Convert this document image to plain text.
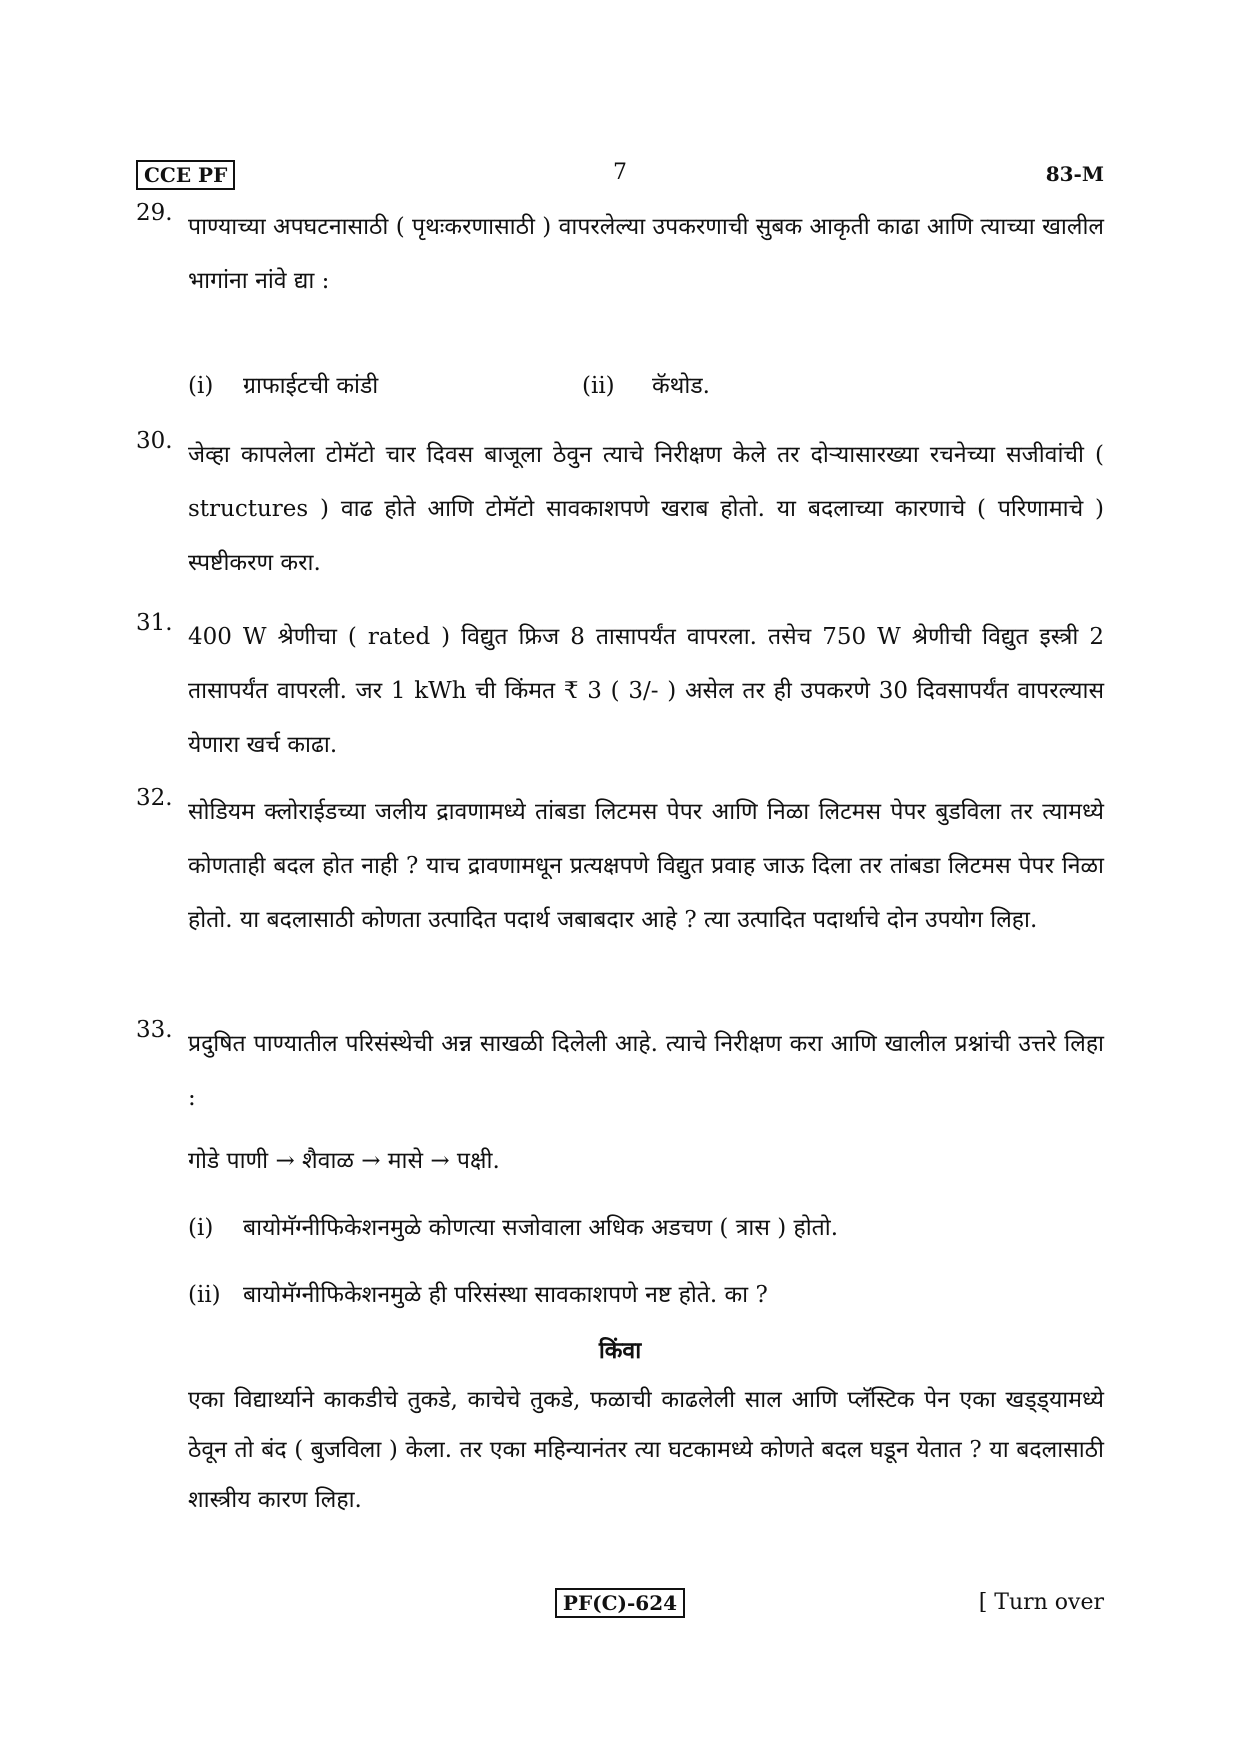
CCE PF	7	83-M
29.
पाण्याच्या अपघटनासाठी ( पृथःकरणासाठी ) वापरलेल्या उपकरणाची सुबक आकृती काढा आणि त्याच्या खालील भागांना नांवे द्या :
(i) ग्राफाईटची कांडी	(ii) कॅथोड.
30.
जेव्हा कापलेला टोमॅटो चार दिवस बाजूला ठेवुन त्याचे निरीक्षण केले तर दोऱ्यासारख्या रचनेच्या सजीवांची ( structures ) वाढ होते आणि टोमॅटो सावकाशपणे खराब होतो. या बदलाच्या कारणाचे ( परिणामाचे ) स्पष्टीकरण करा.
31.
400 W श्रेणीचा ( rated ) विद्युत फ्रिज 8 तासापर्यंत वापरला. तसेच 750 W श्रेणीची विद्युत इस्त्री 2 तासापर्यंत वापरली. जर 1 kWh ची किंमत ₹ 3 ( 3/- ) असेल तर ही उपकरणे 30 दिवसापर्यंत वापरल्यास येणारा खर्च काढा.
32.
सोडियम क्लोराईडच्या जलीय द्रावणामध्ये तांबडा लिटमस पेपर आणि निळा लिटमस पेपर बुडविला तर त्यामध्ये कोणताही बदल होत नाही ? याच द्रावणामधून प्रत्यक्षपणे विद्युत प्रवाह जाऊ दिला तर तांबडा लिटमस पेपर निळा होतो. या बदलासाठी कोणता उत्पादित पदार्थ जबाबदार आहे ? त्या उत्पादित पदार्थाचे दोन उपयोग लिहा.
33.
प्रदुषित पाण्यातील परिसंस्थेची अन्न साखळी दिलेली आहे. त्याचे निरीक्षण करा आणि खालील प्रश्नांची उत्तरे लिहा :
गोडे पाणी → शैवाळ → मासे → पक्षी.
(i) बायोमॅग्नीफिकेशनमुळे कोणत्या सजोवाला अधिक अडचण ( त्रास ) होतो.
(ii) बायोमॅग्नीफिकेशनमुळे ही परिसंस्था सावकाशपणे नष्ट होते. का ?
किंवा
एका विद्यार्थ्याने काकडीचे तुकडे, काचेचे तुकडे, फळाची काढलेली साल आणि प्लॅस्टिक पेन एका खड्ड्यामध्ये ठेवून तो बंद ( बुजविला ) केला. तर एका महिन्यानंतर त्या घटकामध्ये कोणते बदल घडून येतात ? या बदलासाठी शास्त्रीय कारण लिहा.
PF(C)-624	[ Turn over
